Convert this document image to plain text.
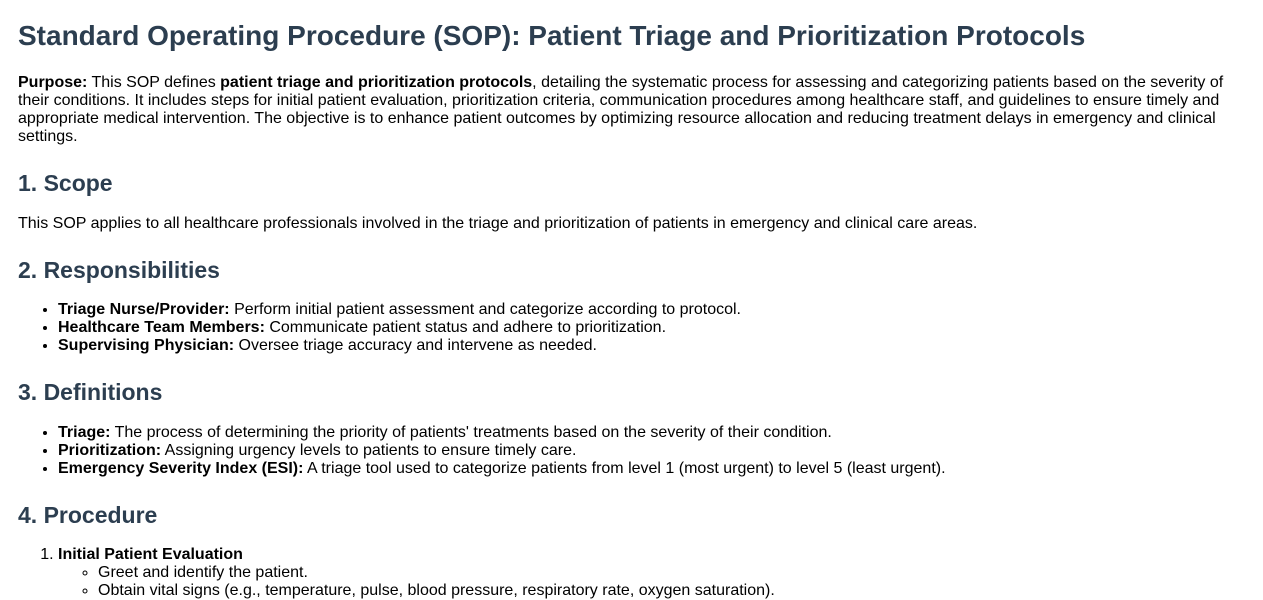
Standard Operating Procedure (SOP): Patient Triage and Prioritization Protocols

Purpose: This SOP defines patient triage and prioritization protocols, detailing the systematic process for assessing and categorizing patients based on the severity of their conditions. It includes steps for initial patient evaluation, prioritization criteria, communication procedures among healthcare staff, and guidelines to ensure timely and appropriate medical intervention. The objective is to enhance patient outcomes by optimizing resource allocation and reducing treatment delays in emergency and clinical settings.

1. Scope

This SOP applies to all healthcare professionals involved in the triage and prioritization of patients in emergency and clinical care areas.

2. Responsibilities
• Triage Nurse/Provider: Perform initial patient assessment and categorize according to protocol.
• Healthcare Team Members: Communicate patient status and adhere to prioritization.
• Supervising Physician: Oversee triage accuracy and intervene as needed.
3. Definitions
• Triage: The process of determining the priority of patients' treatments based on the severity of their condition.
• Prioritization: Assigning urgency levels to patients to ensure timely care.
• Emergency Severity Index (ESI): A triage tool used to categorize patients from level 1 (most urgent) to level 5 (least urgent).
4. Procedure
1. Initial Patient Evaluation
◦ Greet and identify the patient.
◦ Obtain vital signs (e.g., temperature, pulse, blood pressure, respiratory rate, oxygen saturation).
